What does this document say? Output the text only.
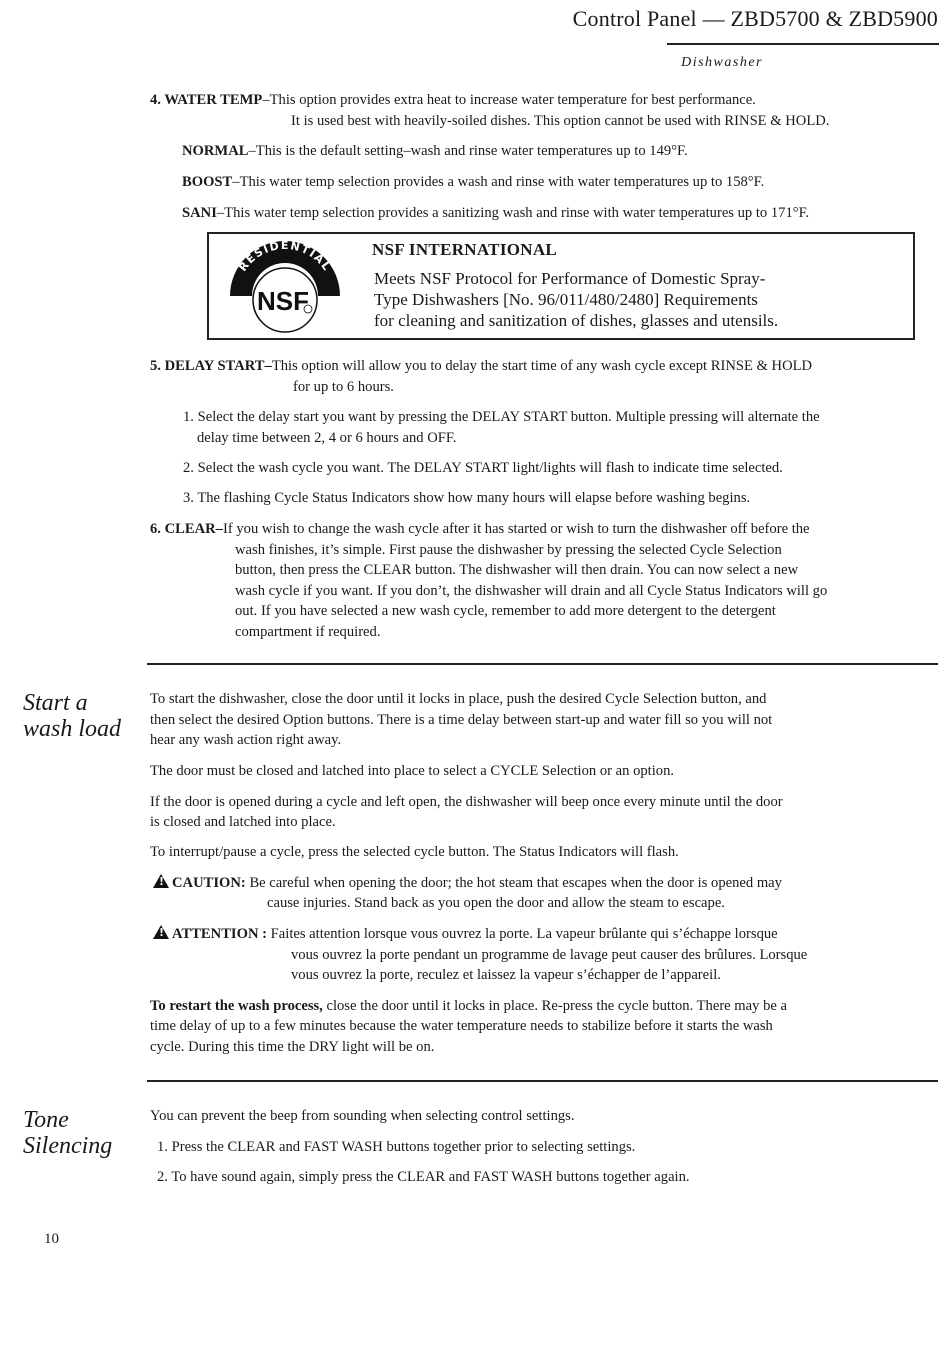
Control Panel — ZBD5700 & ZBD5900
Dishwasher
4. WATER TEMP–This option provides extra heat to increase water temperature for best performance.
It is used best with heavily-soiled dishes. This option cannot be used with RINSE & HOLD.
NORMAL–This is the default setting–wash and rinse water temperatures up to 149°F.
BOOST–This water temp selection provides a wash and rinse with water temperatures up to 158°F.
SANI–This water temp selection provides a sanitizing wash and rinse with water temperatures up to 171°F.
RESIDENTIAL
NSF
NSF INTERNATIONAL
Meets NSF Protocol for Performance of Domestic Spray-
Type Dishwashers [No. 96/011/480/2480] Requirements
for cleaning and sanitization of dishes, glasses and utensils.
5. DELAY START–This option will allow you to delay the start time of any wash cycle except RINSE & HOLD
for up to 6 hours.
1. Select the delay start you want by pressing the DELAY START button. Multiple pressing will alternate the
delay time between 2, 4 or 6 hours and OFF.
2. Select the wash cycle you want. The DELAY START light/lights will flash to indicate time selected.
3. The flashing Cycle Status Indicators show how many hours will elapse before washing begins.
6. CLEAR–If you wish to change the wash cycle after it has started or wish to turn the dishwasher off before the
wash finishes, it’s simple. First pause the dishwasher by pressing the selected Cycle Selection
button, then press the CLEAR button. The dishwasher will then drain. You can now select a new
wash cycle if you want. If you don’t, the dishwasher will drain and all Cycle Status Indicators will go
out. If you have selected a new wash cycle, remember to add more detergent to the detergent
compartment if required.
Start a
wash load
To start the dishwasher, close the door until it locks in place, push the desired Cycle Selection button, and
then select the desired Option buttons. There is a time delay between start-up and water fill so you will not
hear any wash action right away.
The door must be closed and latched into place to select a CYCLE Selection or an option.
If the door is opened during a cycle and left open, the dishwasher will beep once every minute until the door
is closed and latched into place.
To interrupt/pause a cycle, press the selected cycle button. The Status Indicators will flash.
!CAUTION: Be careful when opening the door; the hot steam that escapes when the door is opened may
cause injuries. Stand back as you open the door and allow the steam to escape.
!ATTENTION : Faites attention lorsque vous ouvrez la porte. La vapeur brûlante qui s’échappe lorsque
vous ouvrez la porte pendant un programme de lavage peut causer des brûlures. Lorsque
vous ouvrez la porte, reculez et laissez la vapeur s’échapper de l’appareil.
To restart the wash process, close the door until it locks in place. Re-press the cycle button. There may be a
time delay of up to a few minutes because the water temperature needs to stabilize before it starts the wash
cycle. During this time the DRY light will be on.
Tone
Silencing
You can prevent the beep from sounding when selecting control settings.
1. Press the CLEAR and FAST WASH buttons together prior to selecting settings.
2. To have sound again, simply press the CLEAR and FAST WASH buttons together again.
10
